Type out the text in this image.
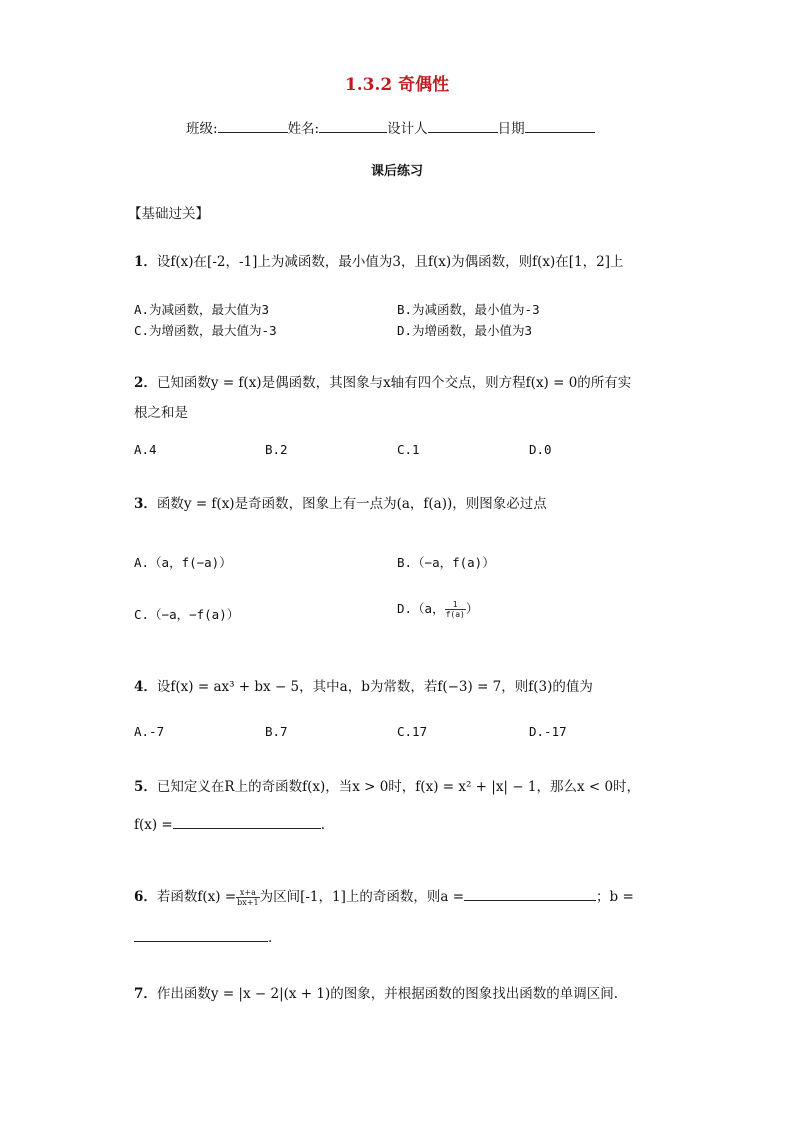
1.3.2 奇偶性
班级:	姓名:	设计人	日期
课后练习
【基础过关】
1．设f(x)在[-2，-1]上为减函数，最小值为3，且f(x)为偶函数，则f(x)在[1，2]上
A.为减函数，最大值为3	B.为减函数，最小值为-3
C.为增函数，最大值为-3	D.为增函数，最小值为3
2．已知函数y = f(x)是偶函数，其图象与x轴有四个交点，则方程f(x) = 0的所有实
根之和是
A.4	B.2	C.1	D.0
3．函数y = f(x)是奇函数，图象上有一点为(a，f(a))，则图象必过点
A.（a，f(−a)）	B.（−a，f(a)）
C.（−a，−f(a)）	D.（a， $\frac{1}{f(a)}$ ）
4．设f(x) = ax³ + bx − 5，其中a，b为常数，若f(−3) = 7，则f(3)的值为
A.-7	B.7	C.17	D.-17
5．已知定义在R上的奇函数f(x)，当x > 0时，f(x) = x² + |x| − 1，那么x < 0时，
f(x) =	.
6．若函数$f(x) = \frac{x+a}{bx+1}$ 为区间[-1，1]上的奇函数，则a =	；b =
.
7．作出函数y = |x − 2|(x + 1)的图象，并根据函数的图象找出函数的单调区间.
